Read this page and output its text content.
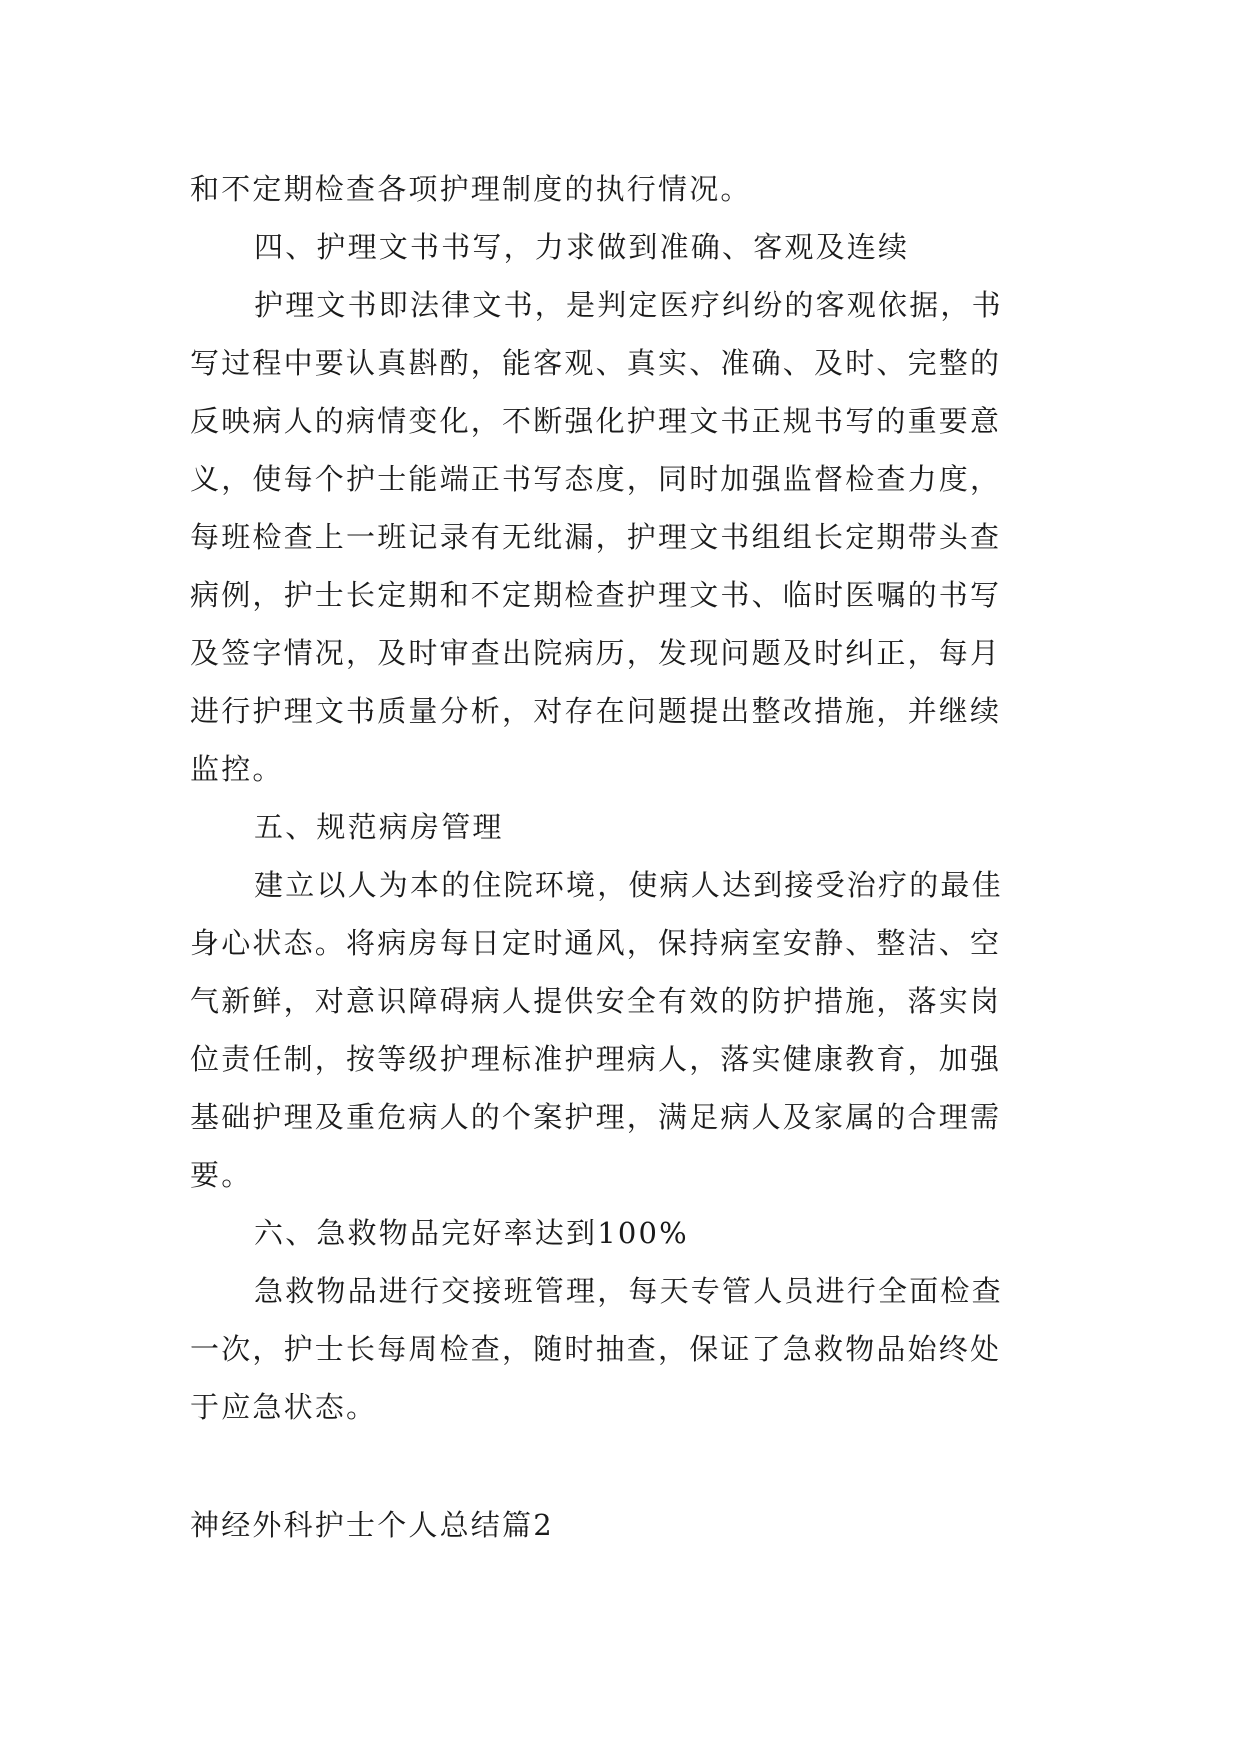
和不定期检查各项护理制度的执行情况。
四、护理文书书写，力求做到准确、客观及连续
护理文书即法律文书，是判定医疗纠纷的客观依据，书
写过程中要认真斟酌，能客观、真实、准确、及时、完整的
反映病人的病情变化，不断强化护理文书正规书写的重要意
义，使每个护士能端正书写态度，同时加强监督检查力度，
每班检查上一班记录有无纰漏，护理文书组组长定期带头查
病例，护士长定期和不定期检查护理文书、临时医嘱的书写
及签字情况，及时审查出院病历，发现问题及时纠正，每月
进行护理文书质量分析，对存在问题提出整改措施，并继续
监控。
五、规范病房管理
建立以人为本的住院环境，使病人达到接受治疗的最佳
身心状态。将病房每日定时通风，保持病室安静、整洁、空
气新鲜，对意识障碍病人提供安全有效的防护措施，落实岗
位责任制，按等级护理标准护理病人，落实健康教育，加强
基础护理及重危病人的个案护理，满足病人及家属的合理需
要。
六、急救物品完好率达到100%
急救物品进行交接班管理，每天专管人员进行全面检查
一次，护士长每周检查，随时抽查，保证了急救物品始终处
于应急状态。
神经外科护士个人总结篇2
